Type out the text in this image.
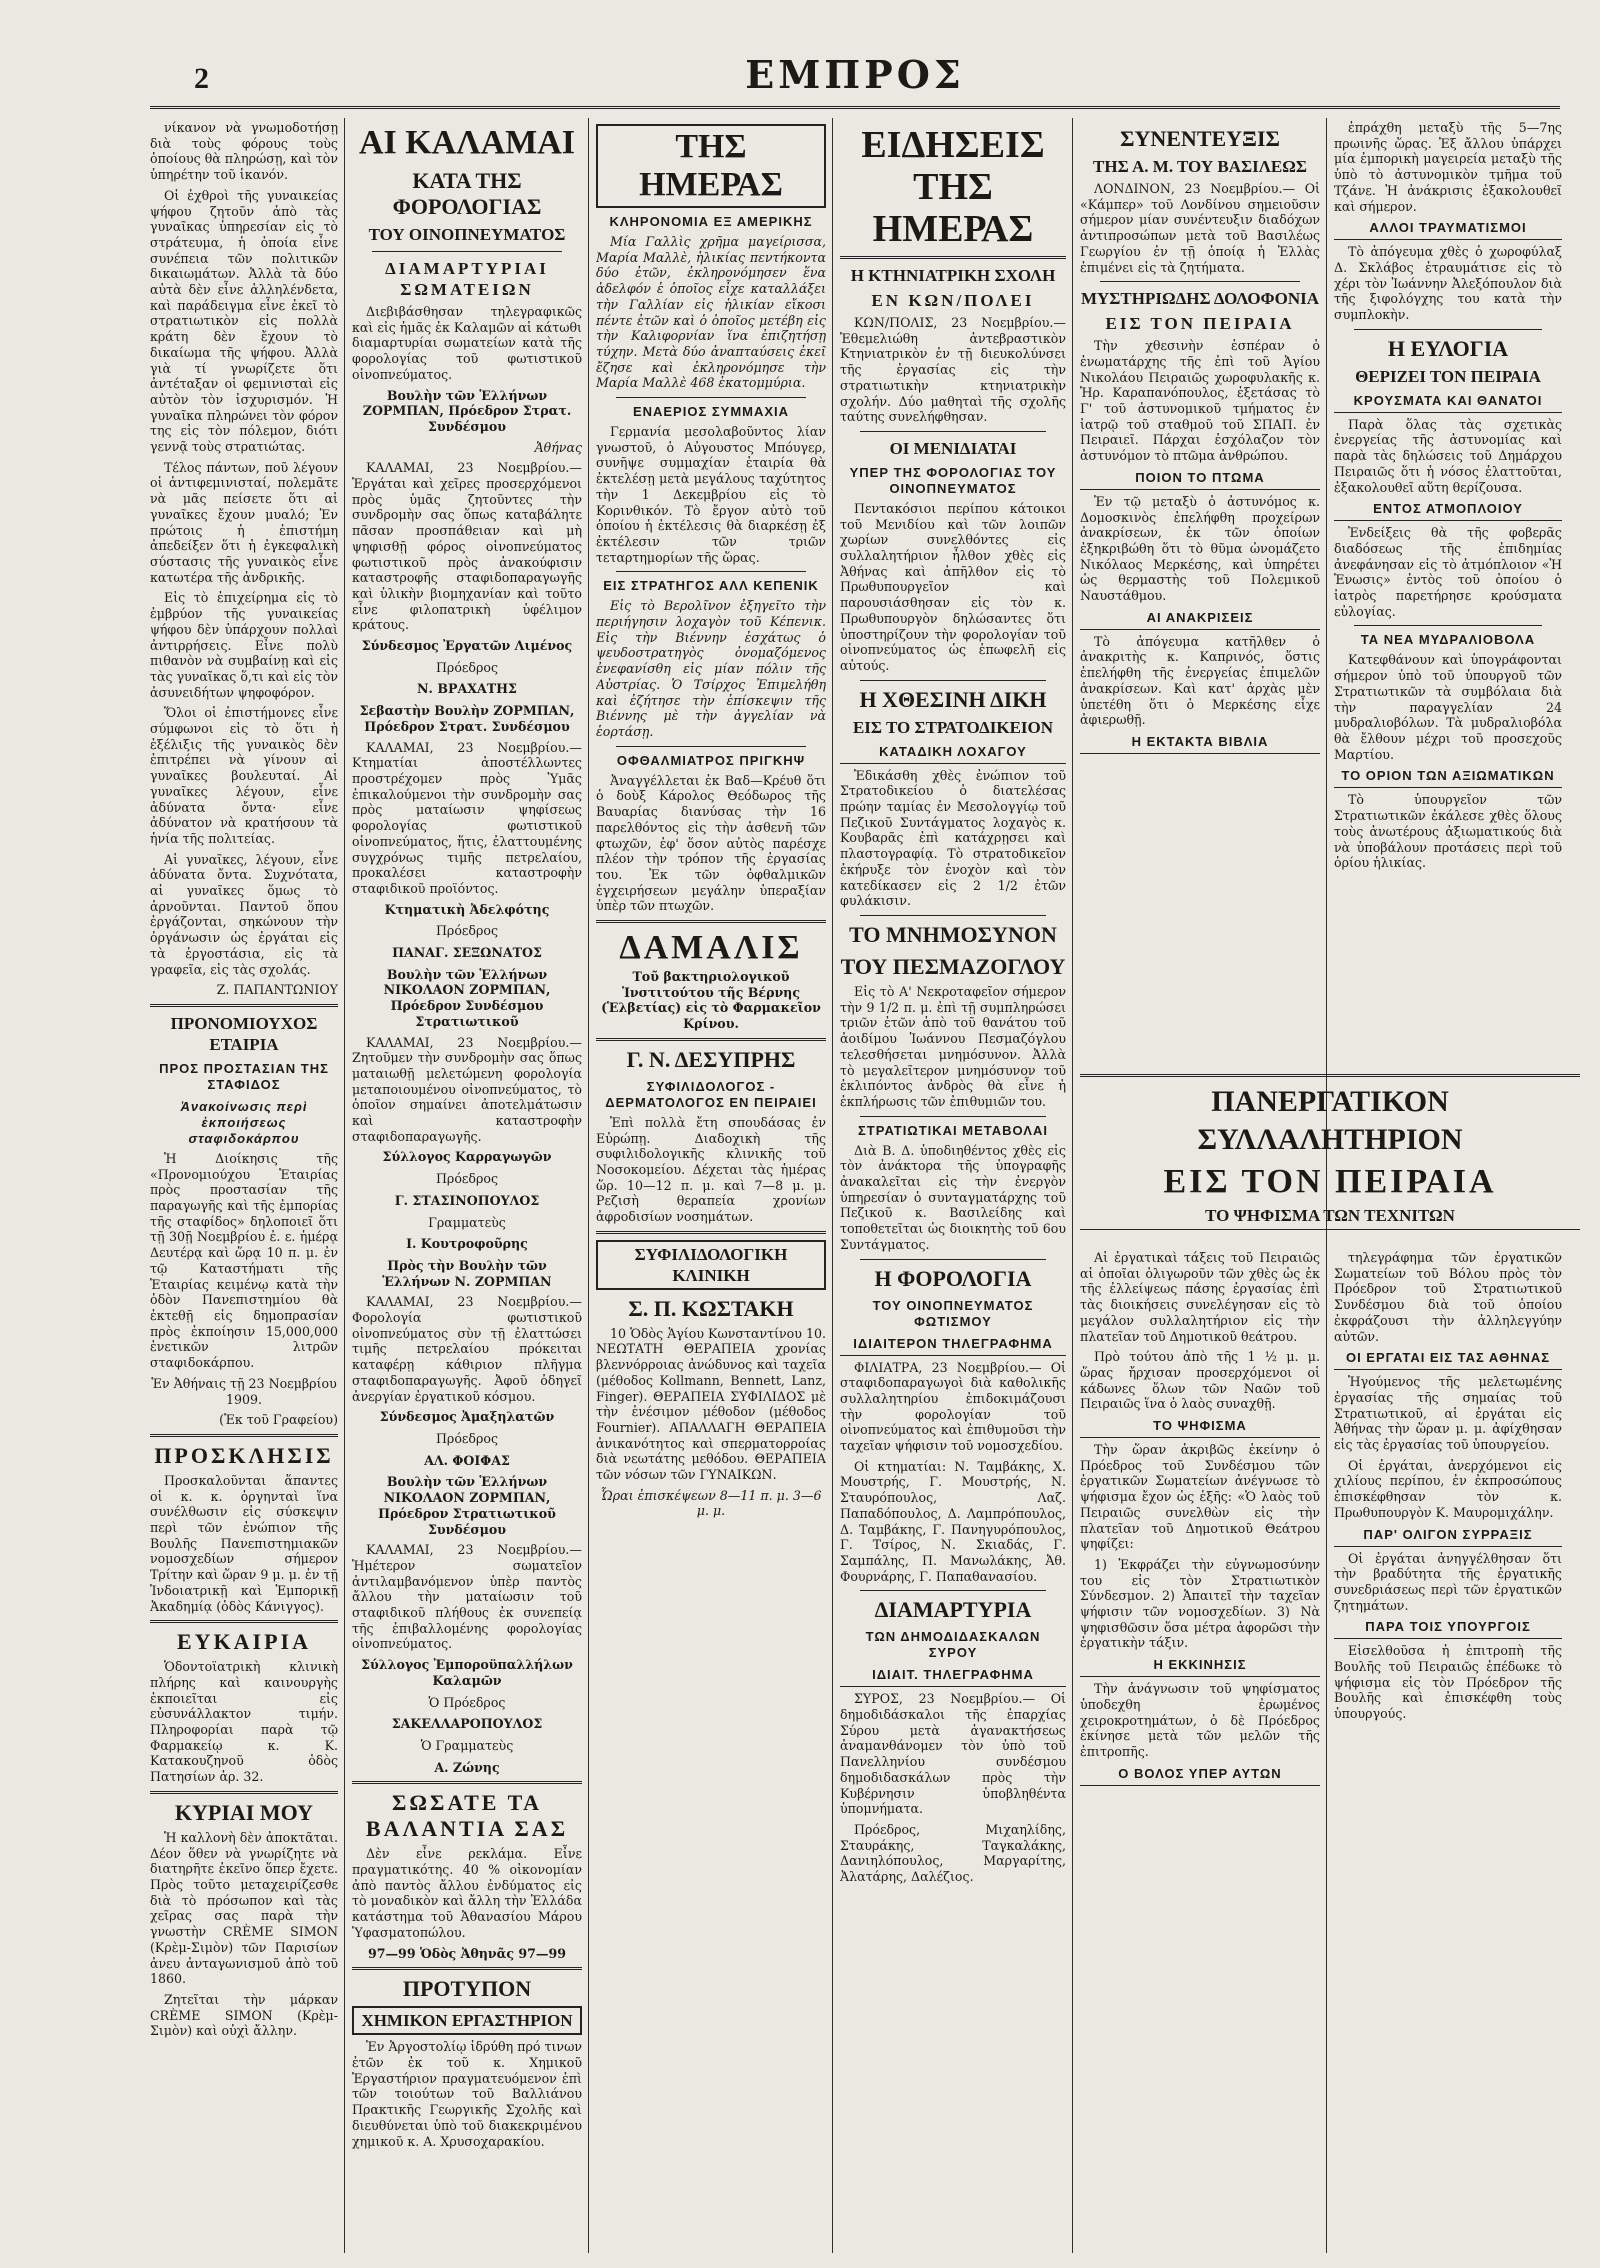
2	ΕΜΠΡΟΣ

νίκανον νὰ γνωμοδοτήσῃ διὰ τοὺς φόρους τοὺς ὁποίους θὰ πληρώσῃ, καὶ τὸν ὑπηρέτην τοῦ ἱκανόν.

Οἱ ἐχθροὶ τῆς γυναικείας ψήφου ζητοῦν ἀπὸ τὰς γυναῖκας ὑπηρεσίαν εἰς τὸ στράτευμα, ἡ ὁποία εἶνε συνέπεια τῶν πολιτικῶν δικαιωμάτων. Ἀλλὰ τὰ δύο αὐτὰ δὲν εἶνε ἀλληλένδετα, καὶ παράδειγμα εἶνε ἐκεῖ τὸ στρατιωτικὸν εἰς πολλὰ κράτη δὲν ἔχουν τὸ δικαίωμα τῆς ψήφου. Ἀλλὰ γιὰ τί γνωρίζετε ὅτι ἀντέταξαν οἱ φεμινισταὶ εἰς αὐτὸν τὸν ἰσχυρισμόν. Ἡ γυναῖκα πληρώνει τὸν φόρον της εἰς τὸν πόλεμον, διότι γεννᾷ τοὺς στρατιώτας.

Τέλος πάντων, ποῦ λέγουν οἱ ἀντιφεμινισταί, πολεμᾶτε νὰ μᾶς πείσετε ὅτι αἱ γυναῖκες ἔχουν μυαλό; Ἐν πρώτοις ἡ ἐπιστήμη ἀπεδείξεν ὅτι ἡ ἐγκεφαλικὴ σύστασις τῆς γυναικὸς εἶνε κατωτέρα τῆς ἀνδρικῆς.

Εἰς τὸ ἐπιχείρημα εἰς τὸ ἐμβρύον τῆς γυναικείας ψήφου δὲν ὑπάρχουν πολλαὶ ἀντιρρήσεις. Εἶνε πολὺ πιθανὸν νὰ συμβαίνῃ καὶ εἰς τὰς γυναῖκας ὅ,τι καὶ εἰς τὸν ἀσυνειδήτων ψηφοφόρον.

Ὅλοι οἱ ἐπιστήμονες εἶνε σύμφωνοι εἰς τὸ ὅτι ἡ ἐξέλιξις τῆς γυναικὸς δὲν ἐπιτρέπει νὰ γίνουν αἱ γυναῖκες βουλευταί. Αἱ γυναῖκες λέγουν, εἶνε ἀδύνατα ὄντα· εἶνε ἀδύνατον νὰ κρατήσουν τὰ ἡνία τῆς πολιτείας.

Αἱ γυναῖκες, λέγουν, εἶνε ἀδύνατα ὄντα. Συχνότατα, αἱ γυναῖκες ὅμως τὸ ἀρνοῦνται. Παντοῦ ὅπου ἐργάζονται, σηκώνουν τὴν ὀργάνωσιν ὡς ἐργάται εἰς τὰ ἐργοστάσια, εἰς τὰ γραφεῖα, εἰς τὰς σχολάς.

Ζ. ΠΑΠΑΝΤΩΝΙΟΥ

ΠΡΟΝΟΜΙΟΥΧΟΣ ΕΤΑΙΡΙΑ
ΠΡΟΣ ΠΡΟΣΤΑΣΙΑΝ ΤΗΣ ΣΤΑΦΙΔΟΣ
Ἀνακοίνωσις περὶ ἐκποιήσεως σταφιδοκάρπου

Ἡ Διοίκησις τῆς «Προνομιούχου Ἑταιρίας πρὸς προστασίαν τῆς παραγωγῆς καὶ τῆς ἐμπορίας τῆς σταφίδος» δηλοποιεῖ ὅτι τῇ 30ῇ Νοεμβρίου ἐ. ε. ἡμέρᾳ Δευτέρᾳ καὶ ὥρᾳ 10 π. μ. ἐν τῷ Καταστήματι τῆς Ἑταιρίας κειμένῳ κατὰ τὴν ὁδὸν Πανεπιστημίου θὰ ἐκτεθῇ εἰς δημοπρασίαν πρὸς ἐκποίησιν 15,000,000 ἑνετικῶν λιτρῶν σταφιδοκάρπου.

Ἐν Ἀθήναις τῇ 23 Νοεμβρίου 1909.

(Ἐκ τοῦ Γραφείου)

ΠΡΟΣΚΛΗΣΙΣ

Προσκαλοῦνται ἅπαντες οἱ κ. κ. ὀργηνταὶ ἵνα συνέλθωσιν εἰς σύσκεψιν περὶ τῶν ἐνώπιον τῆς Βουλῆς Πανεπιστημιακῶν νομοσχεδίων σήμερον Τρίτην καὶ ὥραν 9 μ. μ. ἐν τῇ Ἰνδοιατρικῇ καὶ Ἐμπορικῇ Ἀκαδημίᾳ (ὁδὸς Κάνιγγος).

ΕΥΚΑΙΡΙΑ

Ὁδοντοϊατρικὴ κλινικὴ πλήρης καὶ καινουργὴς ἐκποιεῖται εἰς εὐσυνάλλακτον τιμήν. Πληροφορίαι παρὰ τῷ Φαρμακείῳ κ. Κ. Κατακουζηνοῦ ὁδὸς Πατησίων ἀρ. 32.

ΚΥΡΙΑΙ ΜΟΥ

Ἡ καλλονὴ δὲν ἀποκτᾶται. Δέον ὅθεν νὰ γνωρίζητε νὰ διατηρῆτε ἐκεῖνο ὅπερ ἔχετε. Πρὸς τοῦτο μεταχειρίζεσθε διὰ τὸ πρόσωπον καὶ τὰς χεῖρας σας παρὰ τὴν γνωστὴν CRÈME SIMON (Κρὲμ-Σιμὸν) τῶν Παρισίων ἀνευ ἀνταγωνισμοῦ ἀπὸ τοῦ 1860.

Ζητεῖται τὴν μάρκαν CRÈME SIMON (Κρὲμ-Σιμὸν) καὶ οὐχὶ ἄλλην.

ΑΙ ΚΑΛΑΜΑΙ
ΚΑΤΑ ΤΗΣ ΦΟΡΟΛΟΓΙΑΣ
ΤΟΥ ΟΙΝΟΠΝΕΥΜΑΤΟΣ
ΔΙΑΜΑΡΤΥΡΙΑΙ ΣΩΜΑΤΕΙΩΝ

Διεβιβάσθησαν τηλεγραφικῶς καὶ εἰς ἡμᾶς ἐκ Καλαμῶν αἱ κάτωθι διαμαρτυρίαι σωματείων κατὰ τῆς φορολογίας τοῦ φωτιστικοῦ οἰνοπνεύματος.

Βουλὴν τῶν Ἑλλήνων ΖΟΡΜΠΑΝ, Πρόεδρον Στρατ. Συνδέσμου

Ἀθήνας

ΚΑΛΑΜΑΙ, 23 Νοεμβρίου.— Ἐργάται καὶ χεῖρες προσερχόμενοι πρὸς ὑμᾶς ζητοῦντες τὴν συνδρομὴν σας ὅπως καταβάλητε πᾶσαν προσπάθειαν καὶ μὴ ψηφισθῇ φόρος οἰνοπνεύματος φωτιστικοῦ πρὸς ἀνακούφισιν καταστροφῆς σταφιδοπαραγωγῆς καὶ ὑλικὴν βιομηχανίαν καὶ τοῦτο εἶνε φιλοπατρικὴ ὑφέλιμον κράτους.

Σύνδεσμος Ἐργατῶν Λιμένος
Πρόεδρος
Ν. ΒΡΑΧΑΤΗΣ

Σεβαστὴν Βουλὴν ΖΟΡΜΠΑΝ, Πρόεδρον Στρατ. Συνδέσμου

ΚΑΛΑΜΑΙ, 23 Νοεμβρίου.— Κτηματίαι ἀποστέλλωντες προστρέχομεν πρὸς Ὑμᾶς ἐπικαλούμενοι τὴν συνδρομὴν σας πρὸς ματαίωσιν ψηφίσεως φορολογίας φωτιστικοῦ οἰνοπνεύματος, ἥτις, ἐλαττουμένης συγχρόνως τιμῆς πετρελαίου, προκαλέσει καταστροφὴν σταφιδικοῦ προϊόντος.

Κτηματικὴ Ἀδελφότης
Πρόεδρος
ΠΑΝΑΓ. ΣΕΞΩΝΑΤΟΣ

Βουλὴν τῶν Ἑλλήνων ΝΙΚΟΛΑΟΝ ΖΟΡΜΠΑΝ, Πρόεδρον Συνδέσμου Στρατιωτικοῦ

ΚΑΛΑΜΑΙ, 23 Νοεμβρίου.— Ζητοῦμεν τὴν συνδρομὴν σας ὅπως ματαιωθῇ μελετώμενη φορολογία μεταποιουμένου οἰνοπνεύματος, τὸ ὁποῖον σημαίνει ἀποτελμάτωσιν καὶ καταστροφὴν σταφιδοπαραγωγῆς.

Σύλλογος Καρραγωγῶν
Πρόεδρος
Γ. ΣΤΑΣΙΝΟΠΟΥΛΟΣ
Γραμματεὺς
Ι. Κουτροφοῦρης

Πρὸς τὴν Βουλὴν τῶν Ἑλλήνων Ν. ΖΟΡΜΠΑΝ

ΚΑΛΑΜΑΙ, 23 Νοεμβρίου.— Φορολογία φωτιστικοῦ οἰνοπνεύματος σὺν τῇ ἐλαττώσει τιμῆς πετρελαίου πρόκειται καταφέρῃ κάθιριον πλῆγμα σταφιδοπαραγωγῆς. Ἀφοῦ ὀδηγεῖ ἀνεργίαν ἐργατικοῦ κόσμου.

Σύνδεσμος Ἀμαξηλατῶν
Πρόεδρος
ΑΛ. ΦΟΙΦΑΣ

Βουλὴν τῶν Ἑλλήνων ΝΙΚΟΛΑΟΝ ΖΟΡΜΠΑΝ, Πρόεδρον Στρατιωτικοῦ Συνδέσμου

ΚΑΛΑΜΑΙ, 23 Νοεμβρίου.— Ἡμέτερον σωματεῖον ἀντιλαμβανόμενον ὑπὲρ παντὸς ἄλλου τὴν ματαίωσιν τοῦ σταφιδικοῦ πλήθους ἐκ συνεπείᾳ τῆς ἐπιβαλλομένης φορολογίας οἰνοπνεύματος.

Σύλλογος Ἐμποροϋπαλλήλων Καλαμῶν
Ὁ Πρόεδρος
ΣΑΚΕΛΛΑΡΟΠΟΥΛΟΣ
Ὁ Γραμματεὺς
Α. Ζώνης
ΣΩΣΑΤΕ ΤΑ ΒΑΛΑΝΤΙΑ ΣΑΣ

Δὲν εἶνε ρεκλάμα. Εἶνε πραγματικότης. 40 % οἰκονομίαν ἀπὸ παντὸς ἄλλου ἐνδύματος εἰς τὸ μοναδικὸν καὶ ἄλλη τὴν Ἑλλάδα κατάστημα τοῦ Ἀθανασίου Μάρου Ὑφασματοπώλου.

97—99 Ὁδὸς Ἀθηνᾶς 97—99

ΠΡΟΤΥΠΟΝ
ΧΗΜΙΚΟΝ ΕΡΓΑΣΤΗΡΙΟΝ

Ἐν Ἀργοστολίῳ ἱδρύθη πρό τινων ἐτῶν ἐκ τοῦ κ. Χημικοῦ Ἐργαστήριον πραγματευόμενον ἐπὶ τῶν τοιούτων τοῦ Βαλλιάνου Πρακτικῆς Γεωργικῆς Σχολῆς καὶ διευθύνεται ὑπὸ τοῦ διακεκριμένου χημικοῦ κ. Α. Χρυσοχαρακίου.

ΤΗΣ ΗΜΕΡΑΣ
ΚΛΗΡΟΝΟΜΙΑ ΕΞ ΑΜΕΡΙΚΗΣ

Μία Γαλλὶς χρῆμα μαγείρισσα, Μαρία Μαλλὲ, ἡλικίας πεντήκοντα δύο ἐτῶν, ἐκληρονόμησεν ἕνα ἀδελφόν ἑ ὁποῖος εἶχε καταλλάξει τὴν Γαλλίαν εἰς ἡλικίαν εἴκοσι πέντε ἐτῶν καὶ ὁ ὁποῖος μετέβη εἰς τὴν Καλιφορνίαν ἵνα ἐπιζητήσῃ τύχην. Μετὰ δύο ἀναπταύσεις ἐκεῖ ἔζησε καὶ ἐκληρονόμησε τὴν Μαρία Μαλλὲ 468 ἑκατομμύρια.

ΕΝΑΕΡΙΟΣ ΣΥΜΜΑΧΙΑ

Γερμανία μεσολαβοῦντος λίαν γνωστοῦ, ὁ Αὐγουστος Μπόυγερ, συνῆψε συμμαχίαν ἑταιρία θὰ ἐκτελέσῃ μετὰ μεγάλους ταχύτητος τὴν 1 Δεκεμβρίου εἰς τὸ Κορινθικόν. Τὸ ἔργον αὐτὸ τοῦ ὁποίου ἡ ἐκτέλεσις θὰ διαρκέσῃ ἐξ ἐκτέλεσιν τῶν τριῶν τεταρτημορίων τῆς ὥρας.

ΕΙΣ ΣΤΡΑΤΗΓΟΣ ΑΛΛ ΚΕΠΕΝΙΚ

Εἰς τὸ Βερολῖνον ἐξηγεῖτο τὴν περιήγησιν λοχαγὸν τοῦ Κέπενικ. Εἰς τὴν Βιέννην ἐσχάτως ὁ ψευδοστρατηγὸς ὀνομαζόμενος ἐνεφανίσθη εἰς μίαν πόλιν τῆς Αὐστρίας. Ὁ Τσίρχος Ἐπιμελήθη καὶ ἐζήτησε τὴν ἐπίσκεψιν τῆς Βιέννης μὲ τὴν ἀγγελίαν νὰ ἑορτάσῃ.

ΟΦΘΑΛΜΙΑΤΡΟΣ ΠΡΙΓΚΗΨ

Ἀναγγέλλεται ἐκ Βαδ—Κρέυθ ὅτι ὁ δοὺξ Κάρολος Θεόδωρος τῆς Βαυαρίας διανύσας τὴν 16 παρελθόντος εἰς τὴν ἀσθενῆ τῶν φτωχῶν, ἐφ' ὅσον αὐτὸς παρέσχε πλέον τὴν τρόπον τῆς ἐργασίας του. Ἐκ τῶν ὀφθαλμικῶν ἐγχειρήσεων μεγάλην ὑπεραξίαν ὑπὲρ τῶν πτωχῶν.

ΔΑΜΑΛΙΣ

Τοῦ βακτηριολογικοῦ Ἰνστιτούτου τῆς Βέρνης (Ἑλβετίας) εἰς τὸ Φαρμακεῖον Κρίνου.

Γ. Ν. ΔΕΣΥΠΡΗΣ
ΣΥΦΙΛΙΔΟΛΟΓΟΣ - ΔΕΡΜΑΤΟΛΟΓΟΣ ΕΝ ΠΕΙΡΑΙΕΙ

Ἐπὶ πολλὰ ἔτη σπουδάσας ἐν Εὐρώπῃ. Διαδοχικὴ τῆς συφιλιδολογικῆς κλινικῆς τοῦ Νοσοκομείου. Δέχεται τὰς ἡμέρας ὥρ. 10—12 π. μ. καὶ 7—8 μ. μ. Ρεζισὴ θεραπεία χρονίων ἀφροδισίων νοσημάτων.

ΣΥΦΙΛΙΔΟΛΟΓΙΚΗ ΚΛΙΝΙΚΗ
Σ. Π. ΚΩΣΤΑΚΗ

10 Ὁδὸς Ἁγίου Κωνσταντίνου 10. ΝΕΩΤΑΤΗ ΘΕΡΑΠΕΙΑ χρονίας βλεννόρροιας ἀνώδυνος καὶ ταχεῖα (μέθοδος Kollmann, Bennett, Lanz, Finger). ΘΕΡΑΠΕΙΑ ΣΥΦΙΛΙΔΟΣ μὲ τὴν ἑνέσιμον μέθοδον (μέθοδος Fournier). ΑΠΑΛΛΑΓΗ ΘΕΡΑΠΕΙΑ ἀνικανότητος καὶ σπερματορροίας διὰ νεωτάτης μεθόδου. ΘΕΡΑΠΕΙΑ τῶν νόσων τῶν ΓΥΝΑΙΚΩΝ.

Ὧραι ἐπισκέψεων 8—11 π. μ. 3—6 μ. μ.

ΕΙΔΗΣΕΙΣ ΤΗΣ ΗΜΕΡΑΣ
Η ΚΤΗΝΙΑΤΡΙΚΗ ΣΧΟΛΗ
ΕΝ ΚΩΝ/ΠΟΛΕΙ

ΚΩΝ/ΠΟΛΙΣ, 23 Νοεμβρίου.— Ἐθεμελιώθη ἀντεβραστικὸν Κτηνιατρικὸν ἐν τῇ διευκολύνσει τῆς ἐργασίας εἰς τὴν στρατιωτικὴν κτηνιατρικὴν σχολήν. Δύο μαθηταὶ τῆς σχολῆς ταύτης συνελήφθησαν.

ΟΙ ΜΕΝΙΔΙΑΤΑΙ
ΥΠΕΡ ΤΗΣ ΦΟΡΟΛΟΓΙΑΣ ΤΟΥ ΟΙΝΟΠΝΕΥΜΑΤΟΣ

Πεντακόσιοι περίπου κάτοικοι τοῦ Μενιδίου καὶ τῶν λοιπῶν χωρίων συνελθόντες εἰς συλλαλητήριον ἦλθον χθὲς εἰς Ἀθήνας καὶ ἀπῆλθον εἰς τὸ Πρωθυπουργεῖον καὶ παρουσιάσθησαν εἰς τὸν κ. Πρωθυπουργὸν δηλώσαντες ὅτι ὑποστηρίζουν τὴν φορολογίαν τοῦ οἰνοπνεύματος ὡς ἐπωφελῆ εἰς αὐτούς.

Η ΧΘΕΣΙΝΗ ΔΙΚΗ
ΕΙΣ ΤΟ ΣΤΡΑΤΟΔΙΚΕΙΟΝ
ΚΑΤΑΔΙΚΗ ΛΟΧΑΓΟΥ

Ἐδικάσθη χθὲς ἐνώπιον τοῦ Στρατοδικείου ὁ διατελέσας πρώην ταμίας ἐν Μεσολογγίῳ τοῦ Πεζικοῦ Συντάγματος λοχαγὸς κ. Κουβαρᾶς ἐπὶ κατάχρῃσει καὶ πλαστογραφίᾳ. Τὸ στρατοδικεῖον ἐκήρυξε τὸν ἐνοχὸν καὶ τὸν κατεδίκασεν εἰς 2 1/2 ἐτῶν φυλάκισιν.

ΤΟ ΜΝΗΜΟΣΥΝΟΝ
ΤΟΥ ΠΕΣΜΑΖΟΓΛΟΥ

Εἰς τὸ Α' Νεκροταφεῖον σήμερον τὴν 9 1/2 π. μ. ἐπὶ τῇ συμπληρώσει τριῶν ἐτῶν ἀπὸ τοῦ θανάτου τοῦ ἀοιδίμου Ἰωάννου Πεσμαζόγλου τελεσθήσεται μνημόσυνον. Ἀλλὰ τὸ μεγαλεῖτερον μνημόσυνον τοῦ ἐκλιπόντος ἀνδρὸς θὰ εἶνε ἡ ἐκπλήρωσις τῶν ἐπιθυμιῶν του.

ΣΤΡΑΤΙΩΤΙΚΑΙ ΜΕΤΑΒΟΛΑΙ

Διὰ Β. Δ. ὑποδιηθέντος χθὲς εἰς τὸν ἀνάκτορα τῆς ὑπογραφῆς ἀνακαλεῖται εἰς τὴν ἐνεργὸν ὑπηρεσίαν ὁ συνταγματάρχης τοῦ Πεζικοῦ κ. Βασιλείδης καὶ τοποθετεῖται ὡς διοικητὴς τοῦ 6ου Συντάγματος.

Η ΦΟΡΟΛΟΓΙΑ
ΤΟΥ ΟΙΝΟΠΝΕΥΜΑΤΟΣ ΦΩΤΙΣΜΟΥ
ΙΔΙΑΙΤΕΡΟΝ ΤΗΛΕΓΡΑΦΗΜΑ

ΦΙΛΙΑΤΡΑ, 23 Νοεμβρίου.— Οἱ σταφιδοπαραγωγοὶ διὰ καθολικῆς συλλαλητηρίου ἐπιδοκιμάζουσι τὴν φορολογίαν τοῦ οἰνοπνεύματος καὶ ἐπιθυμοῦσι τὴν ταχεῖαν ψήφισιν τοῦ νομοσχεδίου.

Οἱ κτηματίαι: Ν. Ταμβάκης, Χ. Μουστρής, Γ. Μουστρής, Ν. Σταυρόπουλος, Λαζ. Παπαδόπουλος, Δ. Λαμπρόπουλος, Δ. Ταμβάκης, Γ. Πανηγυρόπουλος, Γ. Τσίρος, Ν. Σκιαδάς, Γ. Σαμπάλης, Π. Μανωλάκης, Ἀθ. Φουρνάρης, Γ. Παπαθανασίου.

ΔΙΑΜΑΡΤΥΡΙΑ
ΤΩΝ ΔΗΜΟΔΙΔΑΣΚΑΛΩΝ ΣΥΡΟΥ
ΙΔΙΑΙΤ. ΤΗΛΕΓΡΑΦΗΜΑ

ΣΥΡΟΣ, 23 Νοεμβρίου.— Οἱ δημοδιδάσκαλοι τῆς ἐπαρχίας Σύρου μετὰ ἀγανακτήσεως ἀναμανθάνομεν τὸν ὑπὸ τοῦ Πανελληνίου συνδέσμου δημοδιδασκάλων πρὸς τὴν Κυβέρνησιν ὑποβληθέντα ὑπομνήματα.

Πρόεδρος, Μιχαηλίδης, Σταυράκης, Ταγκαλάκης, Δανιηλόπουλος, Μαργαρίτης, Ἀλατάρης, Δαλέζιος.

ΣΥΝΕΝΤΕΥΞΙΣ
ΤΗΣ Α. Μ. ΤΟΥ ΒΑΣΙΛΕΩΣ

ΛΟΝΔΙΝΟΝ, 23 Νοεμβρίου.— Οἱ «Κάμπερ» τοῦ Λονδίνου σημειοῦσιν σήμερον μίαν συνέντευξιν διαδόχων ἀντιπροσώπων μετὰ τοῦ Βασιλέως Γεωργίου ἐν τῇ ὁποίᾳ ἡ Ἑλλὰς ἐπιμένει εἰς τὰ ζητήματα.

ΜΥΣΤΗΡΙΩΔΗΣ ΔΟΛΟΦΟΝΙΑ
ΕΙΣ ΤΟΝ ΠΕΙΡΑΙΑ

Τὴν χθεσινὴν ἑσπέραν ὁ ἐνωματάρχης τῆς ἐπὶ τοῦ Ἀγίου Νικολάου Πειραιῶς χωροφυλακῆς κ. Ἡρ. Καραπανόπουλος, ἐξετάσας τὸ Γ' τοῦ ἀστυνομικοῦ τμήματος ἐν ἰατρῷ τοῦ σταθμοῦ τοῦ ΣΠΑΠ. ἐν Πειραιεῖ. Πάρχαι ἐσχόλαζον τὸν ἀστυνόμον τὸ πτῶμα ἀνθρώπου.

ΠΟΙΟΝ ΤΟ ΠΤΩΜΑ

Ἐν τῷ μεταξὺ ὁ ἀστυνόμος κ. Δομοσκινὸς ἐπελήφθη προχείρων ἀνακρίσεων, ἐκ τῶν ὁποίων ἐξηκριβώθη ὅτι τὸ θῦμα ὠνομάζετο Νικόλαος Μερκέσης, καὶ ὑπηρέτει ὡς θερμαστὴς τοῦ Πολεμικοῦ Ναυστάθμου.

ΑΙ ΑΝΑΚΡΙΣΕΙΣ

Τὸ ἀπόγευμα κατῆλθεν ὁ ἀνακριτὴς κ. Καπρινός, ὅστις ἐπελήφθη τῆς ἐνεργείας ἐπιμελῶν ἀνακρίσεων. Καὶ κατ' ἀρχὰς μὲν ὑπετέθη ὅτι ὁ Μερκέσης εἶχε ἀφιερωθῇ.

Η ΕΚΤΑΚΤΑ ΒΙΒΛΙΑ

ἐπράχθη μεταξὺ τῆς 5—7ης πρωινῆς ὥρας. Ἐξ ἄλλου ὑπάρχει μία ἐμπορικὴ μαγειρεία μεταξὺ τῆς ὑπὸ τὸ ἀστυνομικὸν τμῆμα τοῦ Τζάνε. Ἡ ἀνάκρισις ἐξακολουθεῖ καὶ σήμερον.

ΑΛΛΟΙ ΤΡΑΥΜΑΤΙΣΜΟΙ

Τὸ ἀπόγευμα χθὲς ὁ χωροφύλαξ Δ. Σκλάβος ἐτραυμάτισε εἰς τὸ χέρι τὸν Ἰωάννην Ἀλεξόπουλον διὰ τῆς ξιφολόγχης του κατὰ τὴν συμπλοκὴν.

Η ΕΥΛΟΓΙΑ
ΘΕΡΙΖΕΙ ΤΟΝ ΠΕΙΡΑΙΑ
ΚΡΟΥΣΜΑΤΑ ΚΑΙ ΘΑΝΑΤΟΙ

Παρὰ ὅλας τὰς σχετικὰς ἐνεργείας τῆς ἀστυνομίας καὶ παρὰ τὰς δηλώσεις τοῦ Δημάρχου Πειραιῶς ὅτι ἡ νόσος ἐλαττοῦται, ἐξακολουθεῖ αὕτη θερίζουσα.

ΕΝΤΟΣ ΑΤΜΟΠΛΟΙΟΥ

Ἐνδείξεις θὰ τῆς φοβερᾶς διαδόσεως τῆς ἐπιδημίας ἀνεφάνησαν εἰς τὸ ἀτμόπλοιον «Ἡ Ἑνωσις» ἐντὸς τοῦ ὁποίου ὁ ἰατρὸς παρετήρησε κρούσματα εὐλογίας.

ΤΑ ΝΕΑ ΜΥΔΡΑΛΙΟΒΟΛΑ

Κατεφθάνουν καὶ ὑπογράφονται σήμερον ὑπὸ τοῦ ὑπουργοῦ τῶν Στρατιωτικῶν τὰ συμβόλαια διὰ τὴν παραγγελίαν 24 μυδραλιοβόλων. Τὰ μυδραλιοβόλα θὰ ἔλθουν μέχρι τοῦ προσεχοῦς Μαρτίου.

ΤΟ ΟΡΙΟΝ ΤΩΝ ΑΞΙΩΜΑΤΙΚΩΝ

Τὸ ὑπουργεῖον τῶν Στρατιωτικῶν ἐκάλεσε χθὲς ὅλους τοὺς ἀνωτέρους ἀξιωματικούς διὰ νὰ ὑποβάλουν προτάσεις περὶ τοῦ ὁρίου ἡλικίας.

ΠΑΝΕΡΓΑΤΙΚΟΝ ΣΥΛΛΑΛΗΤΗΡΙΟΝ
ΕΙΣ ΤΟΝ ΠΕΙΡΑΙΑ
ΤΟ ΨΗΦΙΣΜΑ ΤΩΝ ΤΕΧΝΙΤΩΝ

Αἱ ἐργατικαὶ τάξεις τοῦ Πειραιῶς αἱ ὁποῖαι ὀλιγωροῦν τῶν χθὲς ὡς ἐκ τῆς ἐλλείψεως πάσης ἐργασίας ἐπὶ τὰς διοικήσεις συνελέγησαν εἰς τὸ μεγάλον συλλαλητήριον εἰς τὴν πλατεῖαν τοῦ Δημοτικοῦ θεάτρου.

Πρὸ τούτου ἀπὸ τῆς 1 ½ μ. μ. ὥρας ἤρχισαν προσερχόμενοι οἱ κάδωνες ὅλων τῶν Ναῶν τοῦ Πειραιῶς ἵνα ὁ λαὸς συναχθῇ.

ΤΟ ΨΗΦΙΣΜΑ

Τὴν ὥραν ἀκριβῶς ἐκείνην ὁ Πρόεδρος τοῦ Συνδέσμου τῶν ἐργατικῶν Σωματείων ἀνέγνωσε τὸ ψήφισμα ἔχον ὡς ἑξῆς: «Ὁ λαὸς τοῦ Πειραιῶς συνελθὼν εἰς τὴν πλατεῖαν τοῦ Δημοτικοῦ Θεάτρου ψηφίζει:

1) Ἐκφράζει τὴν εὐγνωμοσύνην του εἰς τὸν Στρατιωτικὸν Σύνδεσμον. 2) Ἀπαιτεῖ τὴν ταχεῖαν ψήφισιν τῶν νομοσχεδίων. 3) Νὰ ψηφισθῶσιν ὅσα μέτρα ἀφορῶσι τὴν ἐργατικὴν τάξιν.

Η ΕΚΚΙΝΗΣΙΣ

Τὴν ἀνάγνωσιν τοῦ ψηφίσματος ὑποδεχθη ἐρωμένος χειροκροτημάτων, ὁ δὲ Πρόεδρος ἐκίνησε μετὰ τῶν μελῶν τῆς ἐπιτροπῆς.

Ο ΒΟΛΟΣ ΥΠΕΡ ΑΥΤΩΝ

τηλεγράφημα τῶν ἐργατικῶν Σωματείων τοῦ Βόλου πρὸς τὸν Πρόεδρον τοῦ Στρατιωτικοῦ Συνδέσμου διὰ τοῦ ὁποίου ἐκφράζουσι τὴν ἀλληλεγγύην αὐτῶν.

ΟΙ ΕΡΓΑΤΑΙ ΕΙΣ ΤΑΣ ΑΘΗΝΑΣ

Ἠγούμενος τῆς μελετωμένης ἐργασίας τῆς σημαίας τοῦ Στρατιωτικοῦ, αἱ ἐργάται εἰς Ἀθήνας τὴν ὥραν μ. μ. ἀφίχθησαν εἰς τὰς ἐργασίας τοῦ ὑπουργείου.

Οἱ ἐργάται, ἀνερχόμενοι εἰς χιλίους περίπου, ἐν ἐκπροσώπους ἐπισκέφθησαν τὸν κ. Πρωθυπουργὸν Κ. Μαυρομιχάλην.

ΠΑΡ' ΟΛΙΓΟΝ ΣΥΡΡΑΞΙΣ

Οἱ ἐργάται ἀνηγγέλθησαν ὅτι τὴν βραδύτητα τῆς ἐργατικῆς συνεδριάσεως περὶ τῶν ἐργατικῶν ζητημάτων.

ΠΑΡΑ ΤΟΙΣ ΥΠΟΥΡΓΟΙΣ

Εἰσελθοῦσα ἡ ἐπιτροπὴ τῆς Βουλῆς τοῦ Πειραιῶς ἐπέδωκε τὸ ψήφισμα εἰς τὸν Πρόεδρον τῆς Βουλῆς καὶ ἐπισκέφθη τοὺς ὑπουργούς.
